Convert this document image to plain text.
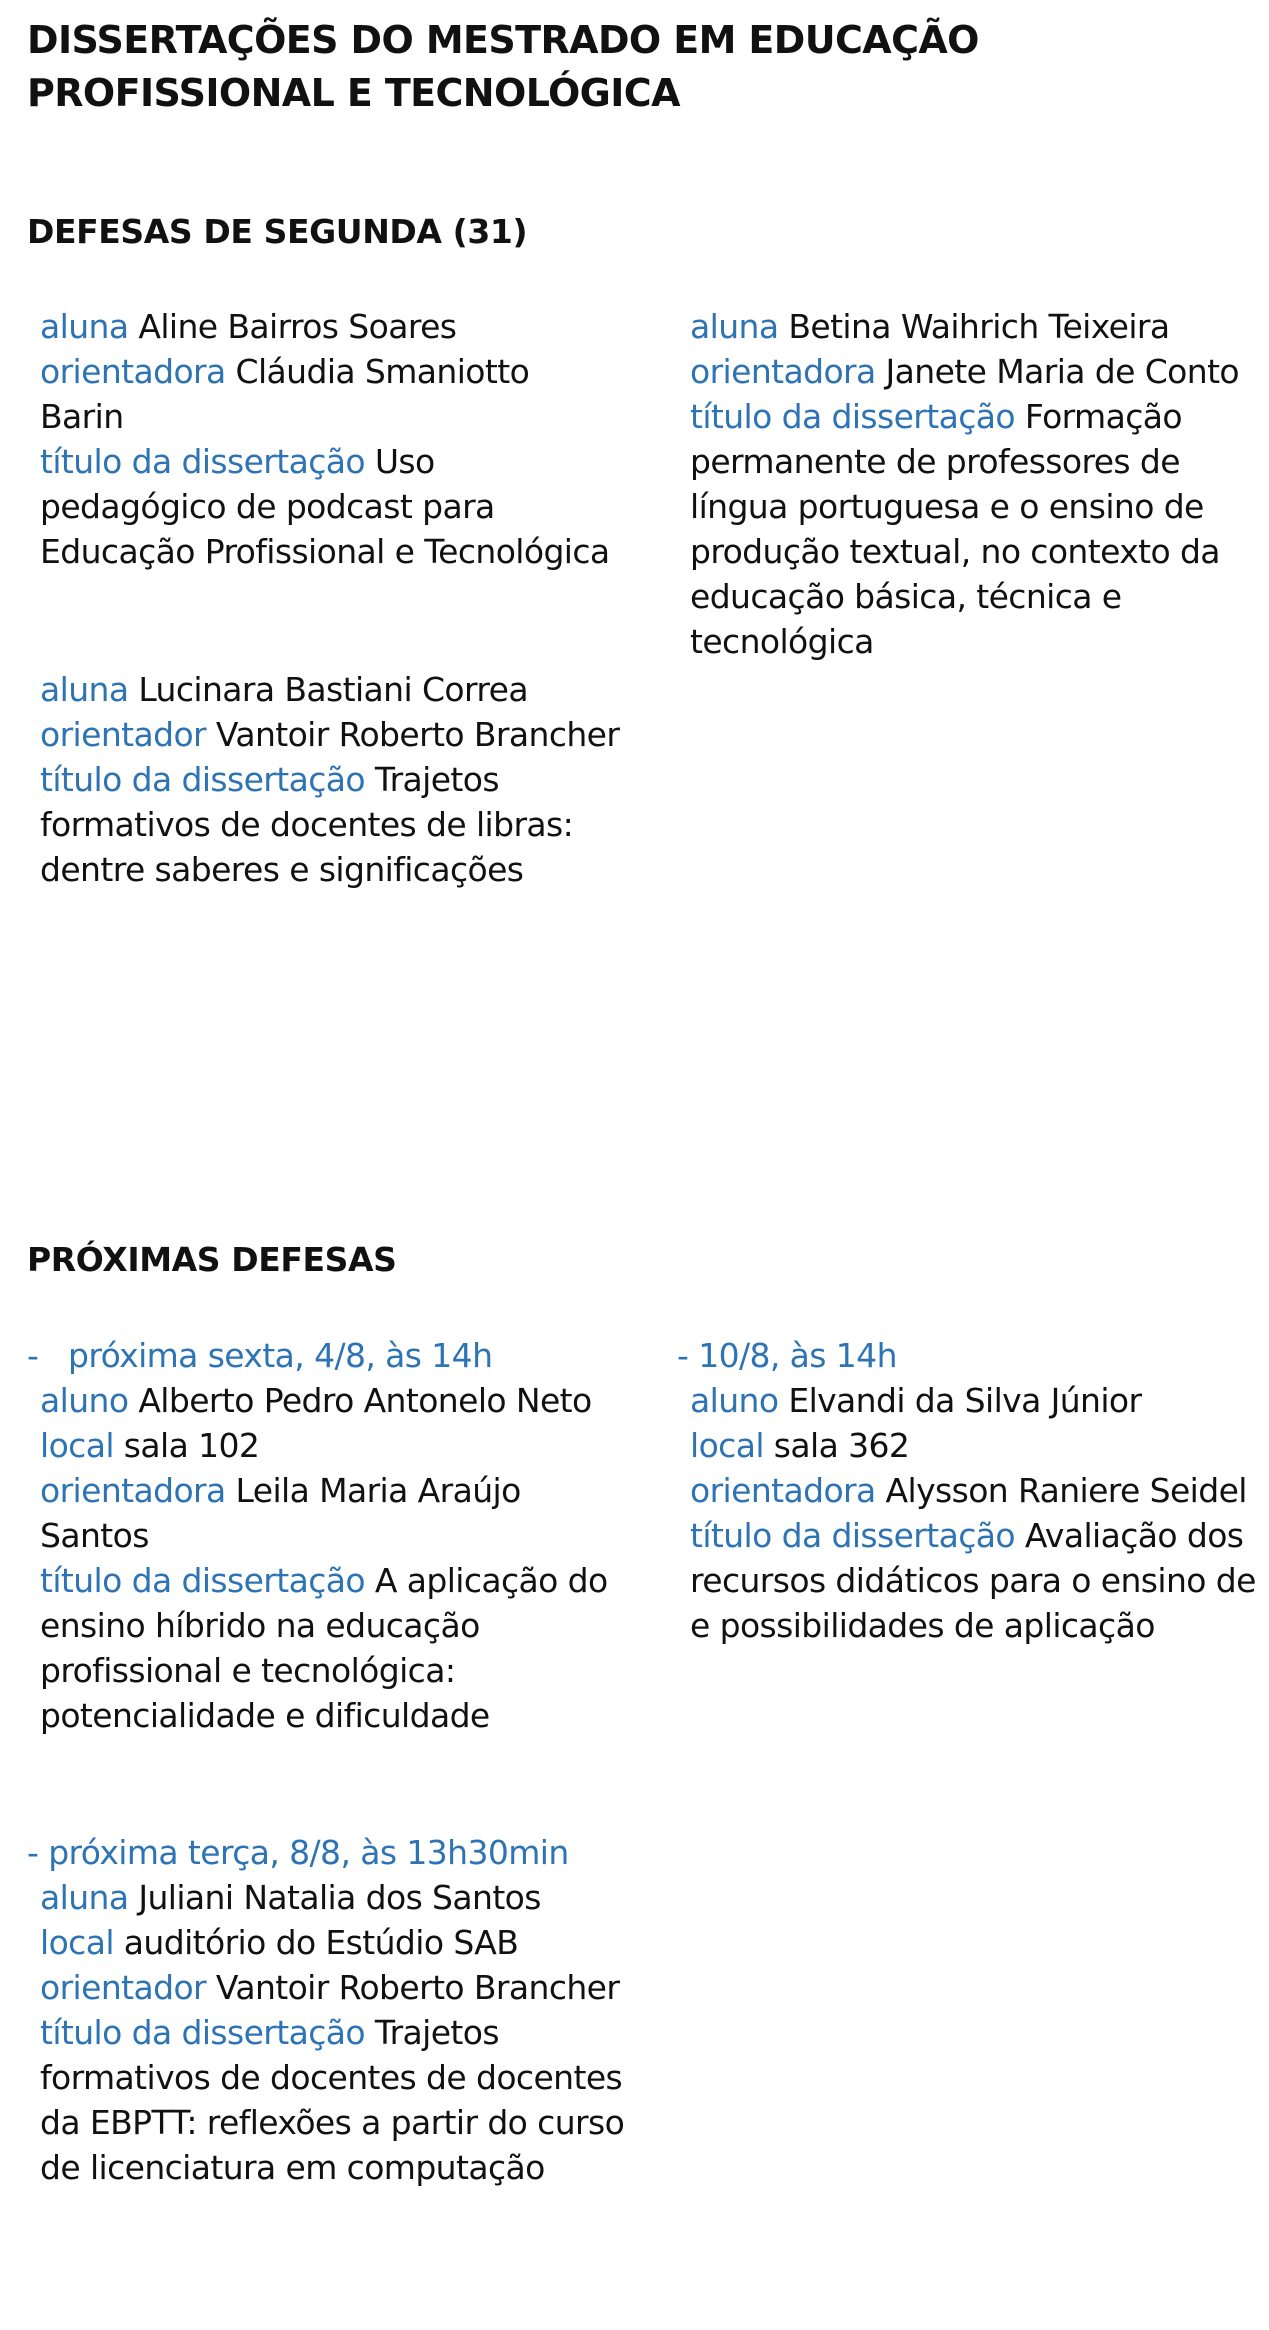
DISSERTAÇÕES DO MESTRADO EM EDUCAÇÃO
PROFISSIONAL E TECNOLÓGICA
DEFESAS DE SEGUNDA (31)

aluna Aline Bairros Soares

orientadora Cláudia Smaniotto Barin

título da dissertação Uso pedagógico de podcast para Educação Profissional e Tecnológica

aluna Betina Waihrich Teixeira

orientadora Janete Maria de Conto

título da dissertação Formação permanente de professores de língua portuguesa e o ensino de produção textual, no contexto da educação básica, técnica e tecnológica

aluna Lucinara Bastiani Correa

orientador Vantoir Roberto Brancher

título da dissertação Trajetos formativos de docentes de libras: dentre saberes e significações

PRÓXIMAS DEFESAS

-   próxima sexta, 4/8, às 14h

aluno Alberto Pedro Antonelo Neto

local sala 102

orientadora Leila Maria Araújo Santos

título da dissertação A aplicação do ensino híbrido na educação profissional e tecnológica: potencialidade e dificuldade

- 10/8, às 14h

aluno Elvandi da Silva Júnior

local sala 362

orientadora Alysson Raniere Seidel

título da dissertação Avaliação dos recursos didáticos para o ensino de e possibilidades de aplicação

- próxima terça, 8/8, às 13h30min

aluna Juliani Natalia dos Santos

local auditório do Estúdio SAB

orientador Vantoir Roberto Brancher

título da dissertação Trajetos formativos de docentes de docentes da EBPTT: reflexões a partir do curso de licenciatura em computação
